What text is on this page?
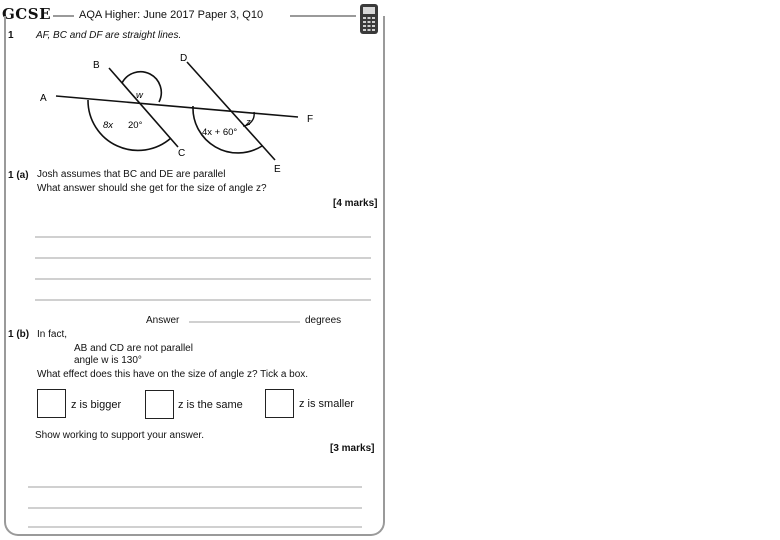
GCSE	AQA Higher: June 2017 Paper 3, Q10
1 AF, BC and DF are straight lines.
A
B
C
D
E
F
w
8x 20°	z
4x + 60°
1 (a) Josh assumes that BC and DE are parallel
What answer should she get for the size of angle z?
[4 marks]
Answer	degrees
1 (b) In fact,
AB and CD are not parallel
angle w is 130°
What effect does this have on the size of angle z? Tick a box.
z is bigger	z is the same	z is smaller
Show working to support your answer.
[3 marks]
